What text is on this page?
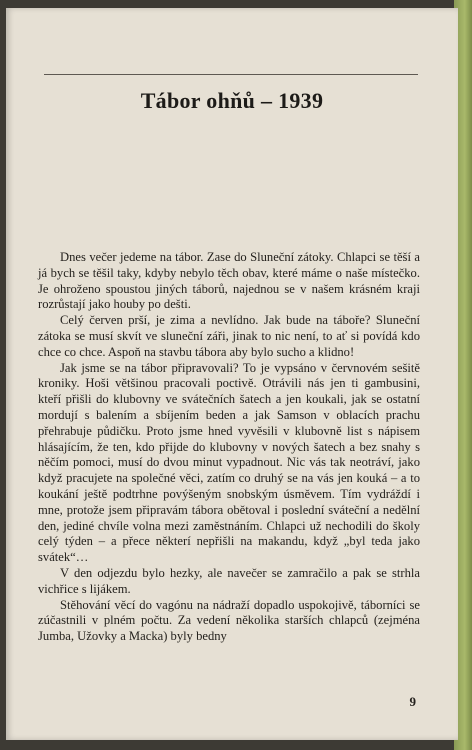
Tábor ohňů – 1939

Dnes večer jedeme na tábor. Zase do Sluneční zátoky. Chlapci se těší a já bych se těšil taky, kdyby nebylo těch obav, které máme o naše místečko. Je ohroženo spoustou jiných táborů, najednou se v našem krásném kraji rozrůstají jako houby po dešti.

Celý červen prší, je zima a nevlídno. Jak bude na táboře? Sluneční zátoka se musí skvít ve sluneční záři, jinak to nic není, to ať si povídá kdo chce co chce. Aspoň na stavbu tábora aby bylo sucho a klidno!

Jak jsme se na tábor připravovali? To je vypsáno v červnovém sešitě kroniky. Hoši většinou pracovali poctivě. Otrávili nás jen ti gambusini, kteří přišli do klubovny ve svátečních šatech a jen koukali, jak se ostatní mordují s balením a sbíjením beden a jak Samson v oblacích prachu přehrabuje půdičku. Proto jsme hned vyvěsili v klubovně list s nápisem hlásajícím, že ten, kdo přijde do klubovny v nových šatech a bez snahy s něčím pomoci, musí do dvou minut vypadnout. Nic vás tak neotráví, jako když pracujete na společné věci, zatím co druhý se na vás jen kouká – a to koukání ještě podtrhne povýšeným snobským úsměvem. Tím vydráždí i mne, protože jsem připravám tábora obětoval i poslední sváteční a nedělní den, jediné chvíle volna mezi zaměstnáním. Chlapci už nechodili do školy celý týden – a přece některí nepřišli na makandu, když „byl teda jako svátek“…

V den odjezdu bylo hezky, ale navečer se zamračilo a pak se strhla vichřice s lijákem.

Stěhování věcí do vagónu na nádraží dopadlo uspokojivě, táborníci se zúčastnili v plném počtu. Za vedení několika starších chlapců (zejména Jumba, Užovky a Macka) byly bedny

9
